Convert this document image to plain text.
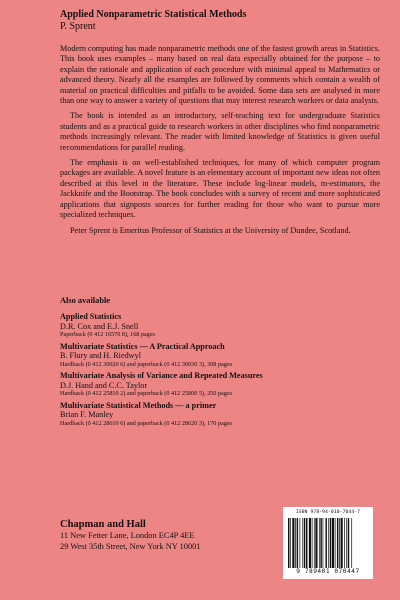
Applied Nonparametric Statistical Methods
P. Sprent

Modern computing has made nonparametric methods one of the fastest growth areas in Statistics. This book uses examples – many based on real data especially obtained for the purpose – to explain the rationale and application of each procedure with minimal appeal to Mathematics or advanced theory. Nearly all the examples are followed by comments which contain a wealth of material on practical difficulties and pitfalls to be avoided. Some data sets are analysed in more than one way to answer a variety of questions that may interest research workers or data analysts.

The book is intended as an introductory, self-teaching text for undergraduate Statistics students and as a practical guide to research workers in other disciplines who find nonparametric methods increasingly relevant. The reader with limited knowledge of Statistics is given useful recommendations for parallel reading.

The emphasis is on well-established techniques, for many of which computer program packages are available. A novel feature is an elementary account of important new ideas not often described at this level in the literature. These include log-linear models, m-estimators, the Jackknife and the Bootstrap. The book concludes with a survey of recent and more sophisticated applications that signposts sources for further reading for those who want to pursue more specialized techniques.

Peter Sprent is Emeritus Professor of Statistics at the University of Dundee, Scotland.

Also available
Applied Statistics
D.R. Cox and E.J. Snell
Paperback (0 412 16570 8), 168 pages
Multivariate Statistics — A Practical Approach
B. Flury and H. Riedwyl
Hardback (0 412 30020 6) and paperback (0 412 30030 3), 308 pages
Multivariate Analysis of Variance and Repeated Measures
D.J. Hand and C.C. Taylor
Hardback (0 412 25810 2) and paperback (0 412 25800 5), 250 pages
Multivariate Statistical Methods — a primer
Brian F. Manley
Hardback (0 412 28610 6) and paperback (0 412 28620 3), 170 pages
Chapman and Hall
11 New Fetter Lane, London EC4P 4EE
29 West 35th Street, New York NY 10001
ISBN 978-94-010-7044-7
9 789401 070447
